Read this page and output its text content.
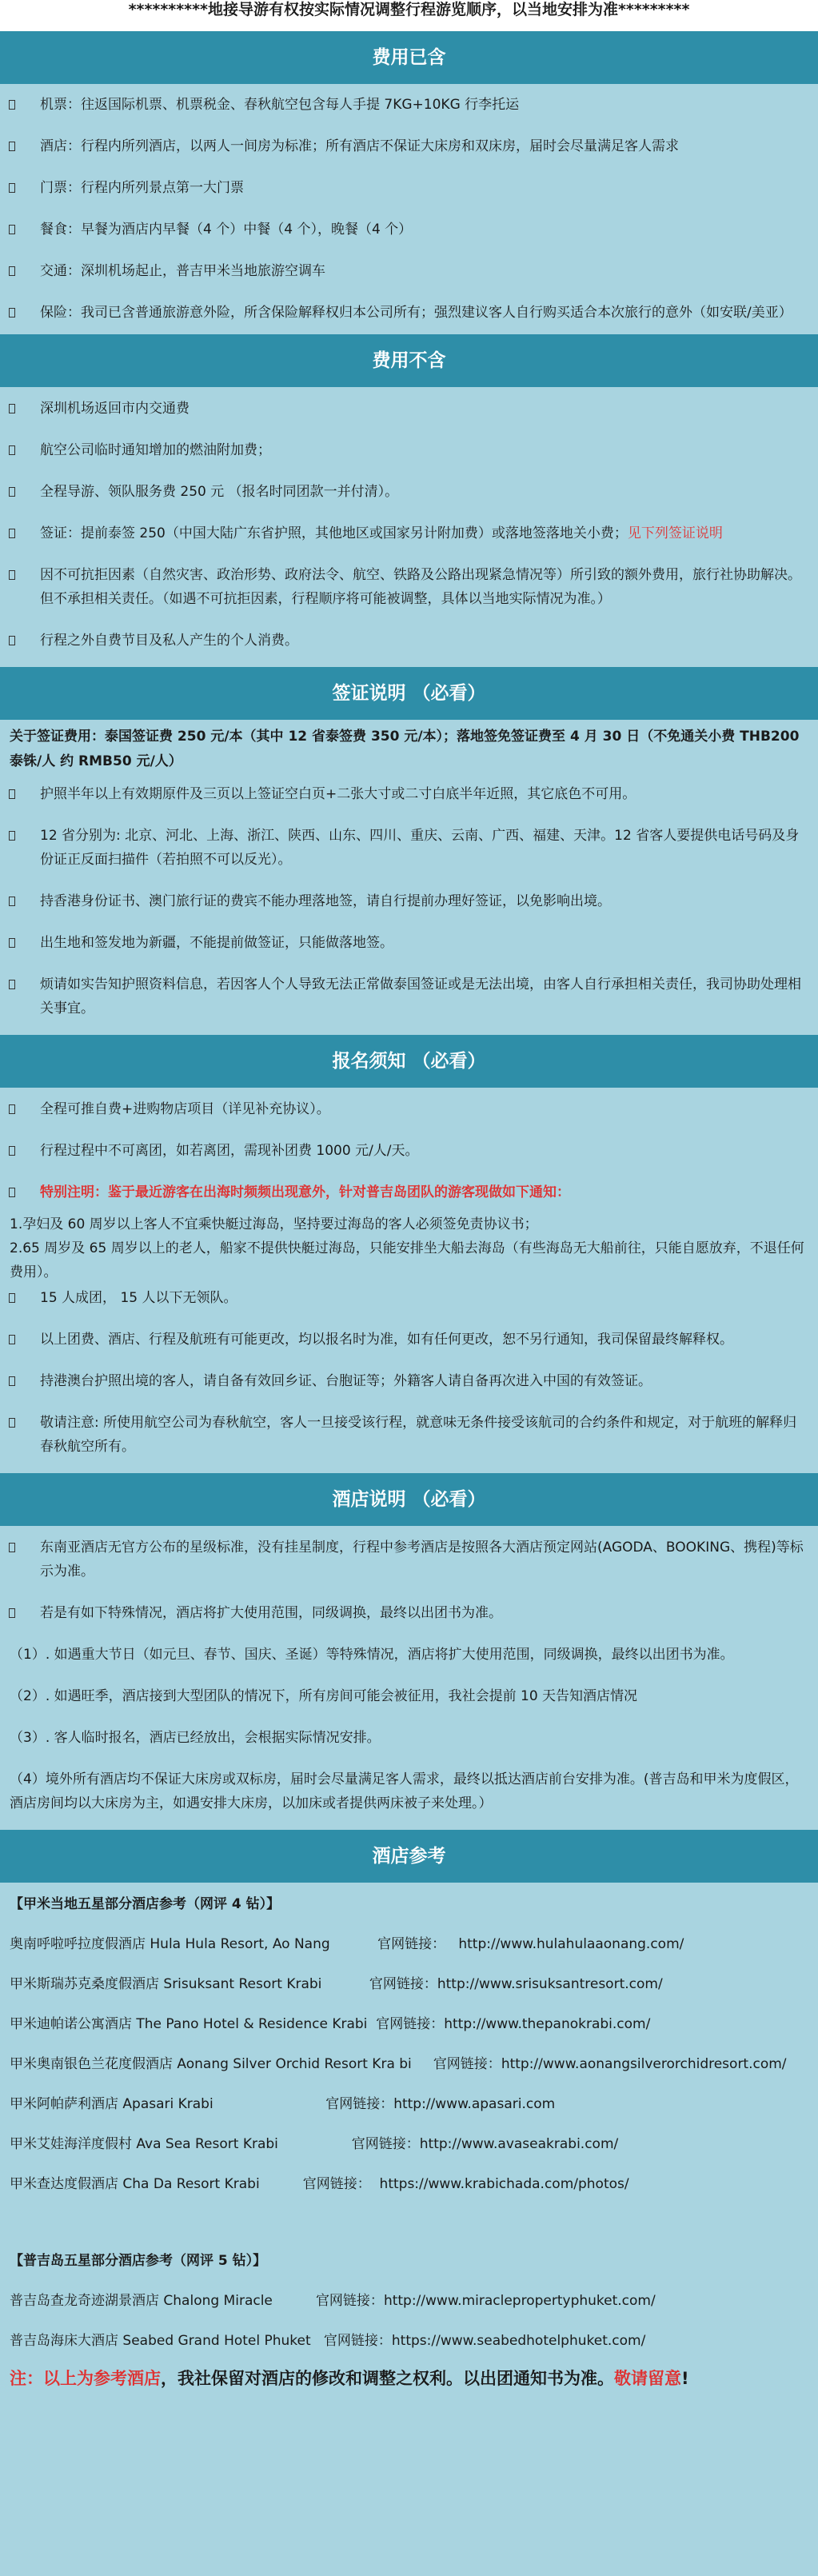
**********地接导游有权按实际情况调整行程游览顺序，以当地安排为准*********
费用已含
机票：往返国际机票、机票税金、春秋航空包含每人手提 7KG+10KG 行李托运
酒店：行程内所列酒店，以两人一间房为标准；所有酒店不保证大床房和双床房，届时会尽量满足客人需求
门票：行程内所列景点第一大门票
餐食：早餐为酒店内早餐（4 个）中餐（4 个），晚餐（4 个）
交通：深圳机场起止，普吉甲米当地旅游空调车
保险：我司已含普通旅游意外险，所含保险解释权归本公司所有；强烈建议客人自行购买适合本次旅行的意外（如安联/美亚）
费用不含
深圳机场返回市内交通费
航空公司临时通知增加的燃油附加费；
全程导游、领队服务费 250 元 （报名时同团款一并付清）。
签证：提前泰签 250（中国大陆广东省护照，其他地区或国家另计附加费）或落地签落地关小费；见下列签证说明
因不可抗拒因素（自然灾害、政治形势、政府法令、航空、铁路及公路出现紧急情况等）所引致的额外费用，旅行社协助解决。但不承担相关责任。（如遇不可抗拒因素，行程顺序将可能被调整，具体以当地实际情况为准。）
行程之外自费节目及私人产生的个人消费。
签证说明 （必看）
关于签证费用：泰国签证费 250 元/本（其中 12 省泰签费 350 元/本）；落地签免签证费至 4 月 30 日（不免通关小费 THB200 泰铢/人 约 RMB50 元/人）
护照半年以上有效期原件及三页以上签证空白页+二张大寸或二寸白底半年近照，其它底色不可用。
12 省分别为: 北京、河北、上海、浙江、陕西、山东、四川、重庆、云南、广西、福建、天津。12 省客人要提供电话号码及身份证正反面扫描件（若拍照不可以反光）。
持香港身份证书、澳门旅行证的费宾不能办理落地签，请自行提前办理好签证，以免影响出境。
出生地和签发地为新疆，不能提前做签证，只能做落地签。
烦请如实告知护照资料信息，若因客人个人导致无法正常做泰国签证或是无法出境，由客人自行承担相关责任，我司协助处理相关事宜。
报名须知 （必看）
全程可推自费+进购物店项目（详见补充协议）。
行程过程中不可离团，如若离团，需现补团费 1000 元/人/天。
特别注明：鉴于最近游客在出海时频频出现意外，针对普吉岛团队的游客现做如下通知：
1.孕妇及 60 周岁以上客人不宜乘快艇过海岛，坚持要过海岛的客人必须签免责协议书；
2.65 周岁及 65 周岁以上的老人，船家不提供快艇过海岛，只能安排坐大船去海岛（有些海岛无大船前往，只能自愿放弃，不退任何费用）。
15 人成团， 15 人以下无领队。
以上团费、酒店、行程及航班有可能更改，均以报名时为准，如有任何更改，恕不另行通知，我司保留最终解释权。
持港澳台护照出境的客人，请自备有效回乡证、台胞证等；外籍客人请自备再次进入中国的有效签证。
敬请注意: 所使用航空公司为春秋航空，客人一旦接受该行程，就意味无条件接受该航司的合约条件和规定，对于航班的解释归春秋航空所有。
酒店说明 （必看）
东南亚酒店无官方公布的星级标准，没有挂星制度，行程中参考酒店是按照各大酒店预定网站(AGODA、BOOKING、携程)等标示为准。
若是有如下特殊情况，酒店将扩大使用范围，同级调换，最终以出团书为准。
（1）. 如遇重大节日（如元旦、春节、国庆、圣诞）等特殊情况，酒店将扩大使用范围，同级调换，最终以出团书为准。
（2）. 如遇旺季，酒店接到大型团队的情况下，所有房间可能会被征用，我社会提前 10 天告知酒店情况
（3）. 客人临时报名，酒店已经放出，会根据实际情况安排。
（4）境外所有酒店均不保证大床房或双标房，届时会尽量满足客人需求，最终以抵达酒店前台安排为准。(普吉岛和甲米为度假区，酒店房间均以大床房为主，如遇安排大床房，以加床或者提供两床被子来处理。）
酒店参考
【甲米当地五星部分酒店参考（网评 4 钻）】
奥南呼啦呼拉度假酒店 Hula Hula Resort, Ao Nang	官网链接： http://www.hulahulaaonang.com/
甲米斯瑞苏克桑度假酒店 Srisuksant Resort Krabi	官网链接：http://www.srisuksantresort.com/
甲米迪帕诺公寓酒店 The Pano Hotel & Residence Krabi 官网链接：http://www.thepanokrabi.com/
甲米奥南银色兰花度假酒店 Aonang Silver Orchid Resort Kra bi 官网链接：http://www.aonangsilverorchidresort.com/
甲米阿帕萨利酒店 Apasari Krabi	官网链接：http://www.apasari.com
甲米艾娃海洋度假村 Ava Sea Resort Krabi	官网链接：http://www.avaseakrabi.com/
甲米查达度假酒店 Cha Da Resort Krabi	官网链接： https://www.krabichada.com/photos/
【普吉岛五星部分酒店参考（网评 5 钻）】
普吉岛查龙奇迹湖景酒店 Chalong Miracle	官网链接：http://www.miraclepropertyphuket.com/
普吉岛海床大酒店 Seabed Grand Hotel Phuket 官网链接：https://www.seabedhotelphuket.com/
注：以上为参考酒店，我社保留对酒店的修改和调整之权利。以出团通知书为准。敬请留意!
